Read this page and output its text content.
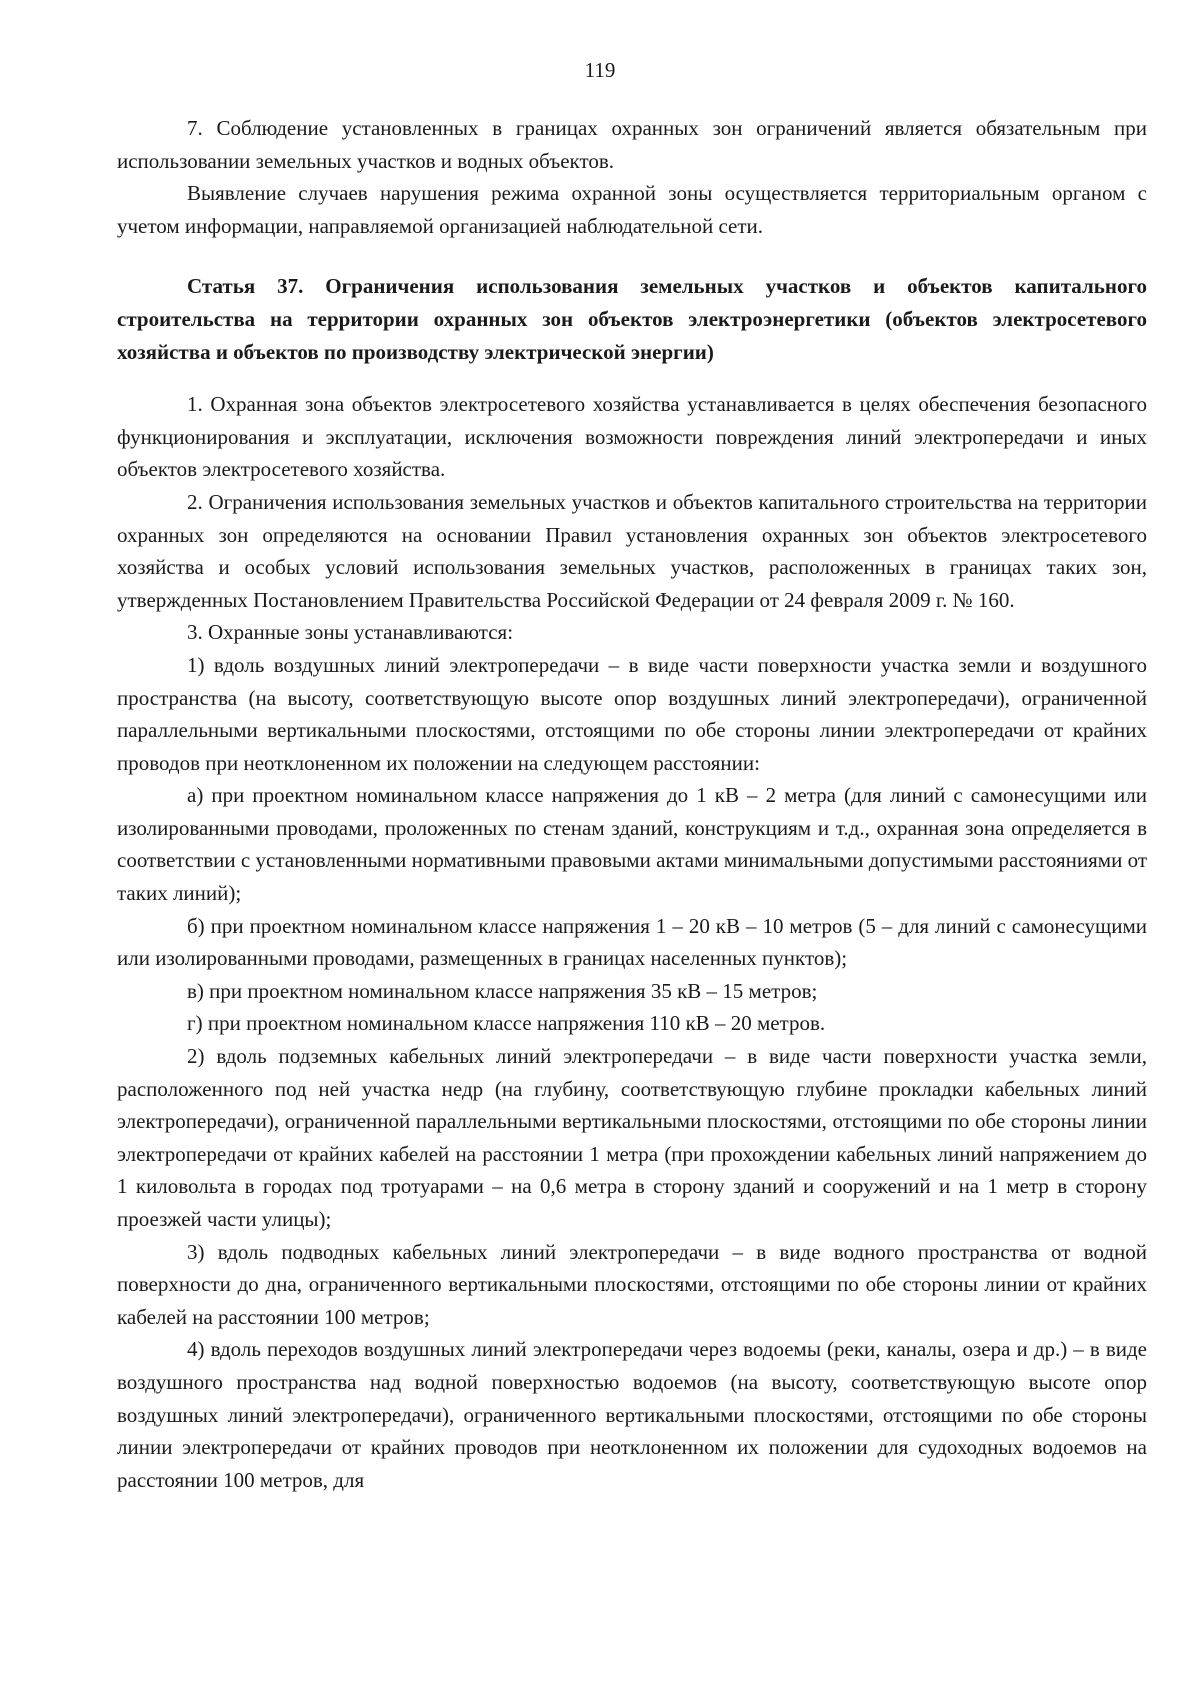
119

7. Соблюдение установленных в границах охранных зон ограничений является обязательным при использовании земельных участков и водных объектов.

Выявление случаев нарушения режима охранной зоны осуществляется территориальным органом с учетом информации, направляемой организацией наблюдательной сети.

Статья 37. Ограничения использования земельных участков и объектов капитального строительства на территории охранных зон объектов электроэнергетики (объектов электросетевого хозяйства и объектов по производству электрической энергии)

1. Охранная зона объектов электросетевого хозяйства устанавливается в целях обеспечения безопасного функционирования и эксплуатации, исключения возможности повреждения линий электропередачи и иных объектов электросетевого хозяйства.

2. Ограничения использования земельных участков и объектов капитального строительства на территории охранных зон определяются на основании Правил установления охранных зон объектов электросетевого хозяйства и особых условий использования земельных участков, расположенных в границах таких зон, утвержденных Постановлением Правительства Российской Федерации от 24 февраля 2009 г. № 160.

3. Охранные зоны устанавливаются:

1) вдоль воздушных линий электропередачи – в виде части поверхности участка земли и воздушного пространства (на высоту, соответствующую высоте опор воздушных линий электропередачи), ограниченной параллельными вертикальными плоскостями, отстоящими по обе стороны линии электропередачи от крайних проводов при неотклоненном их положении на следующем расстоянии:

а) при проектном номинальном классе напряжения до 1 кВ – 2 метра (для линий с самонесущими или изолированными проводами, проложенных по стенам зданий, конструкциям и т.д., охранная зона определяется в соответствии с установленными нормативными правовыми актами минимальными допустимыми расстояниями от таких линий);

б) при проектном номинальном классе напряжения 1 – 20 кВ – 10 метров (5 – для линий с самонесущими или изолированными проводами, размещенных в границах населенных пунктов);

в) при проектном номинальном классе напряжения 35 кВ – 15 метров;

г) при проектном номинальном классе напряжения 110 кВ – 20 метров.

2) вдоль подземных кабельных линий электропередачи – в виде части поверхности участка земли, расположенного под ней участка недр (на глубину, соответствующую глубине прокладки кабельных линий электропередачи), ограниченной параллельными вертикальными плоскостями, отстоящими по обе стороны линии электропередачи от крайних кабелей на расстоянии 1 метра (при прохождении кабельных линий напряжением до 1 киловольта в городах под тротуарами – на 0,6 метра в сторону зданий и сооружений и на 1 метр в сторону проезжей части улицы);

3) вдоль подводных кабельных линий электропередачи – в виде водного пространства от водной поверхности до дна, ограниченного вертикальными плоскостями, отстоящими по обе стороны линии от крайних кабелей на расстоянии 100 метров;

4) вдоль переходов воздушных линий электропередачи через водоемы (реки, каналы, озера и др.) – в виде воздушного пространства над водной поверхностью водоемов (на высоту, соответствующую высоте опор воздушных линий электропередачи), ограниченного вертикальными плоскостями, отстоящими по обе стороны линии электропередачи от крайних проводов при неотклоненном их положении для судоходных водоемов на расстоянии 100 метров, для
